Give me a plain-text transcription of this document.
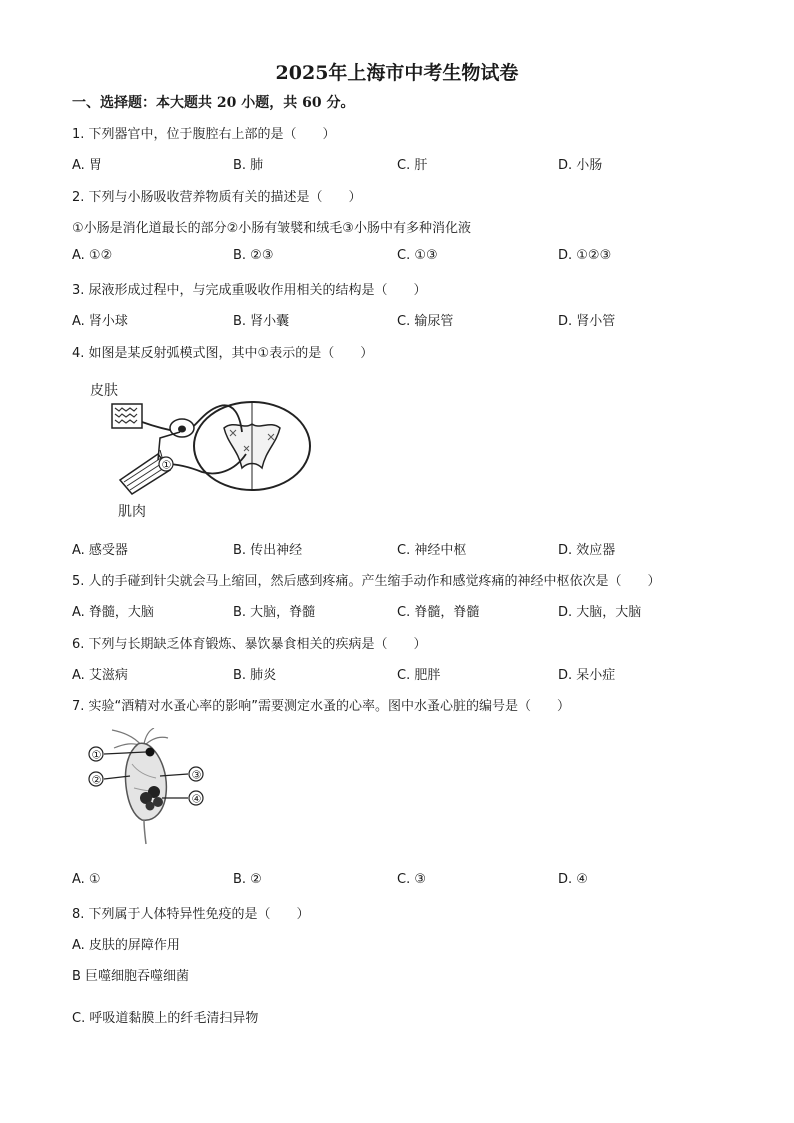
2025年上海市中考生物试卷
一、选择题：本大题共 20 小题，共 60 分。
1. 下列器官中，位于腹腔右上部的是（　　）
A. 胃	B. 肺	C. 肝	D. 小肠
2. 下列与小肠吸收营养物质有关的描述是（　　）
①小肠是消化道最长的部分②小肠有皱襞和绒毛③小肠中有多种消化液
A. ①②	B. ②③	C. ①③	D. ①②③
3. 尿液形成过程中，与完成重吸收作用相关的结构是（　　）
A. 肾小球	B. 肾小囊	C. 输尿管	D. 肾小管
4. 如图是某反射弧模式图，其中①表示的是（　　）
皮肤
肌肉
①
A. 感受器	B. 传出神经	C. 神经中枢	D. 效应器
5. 人的手碰到针尖就会马上缩回，然后感到疼痛。产生缩手动作和感觉疼痛的神经中枢依次是（　　）
A. 脊髓，大脑	B. 大脑，脊髓	C. 脊髓，脊髓	D. 大脑，大脑
6. 下列与长期缺乏体育锻炼、暴饮暴食相关的疾病是（　　）
A. 艾滋病	B. 肺炎	C. 肥胖	D. 呆小症
7. 实验“酒精对水蚤心率的影响”需要测定水蚤的心率。图中水蚤心脏的编号是（　　）
①
②	③
④
A. ①	B. ②	C. ③	D. ④
8. 下列属于人体特异性免疫的是（　　）
A. 皮肤的屏障作用
B 巨噬细胞吞噬细菌
C. 呼吸道黏膜上的纤毛清扫异物
